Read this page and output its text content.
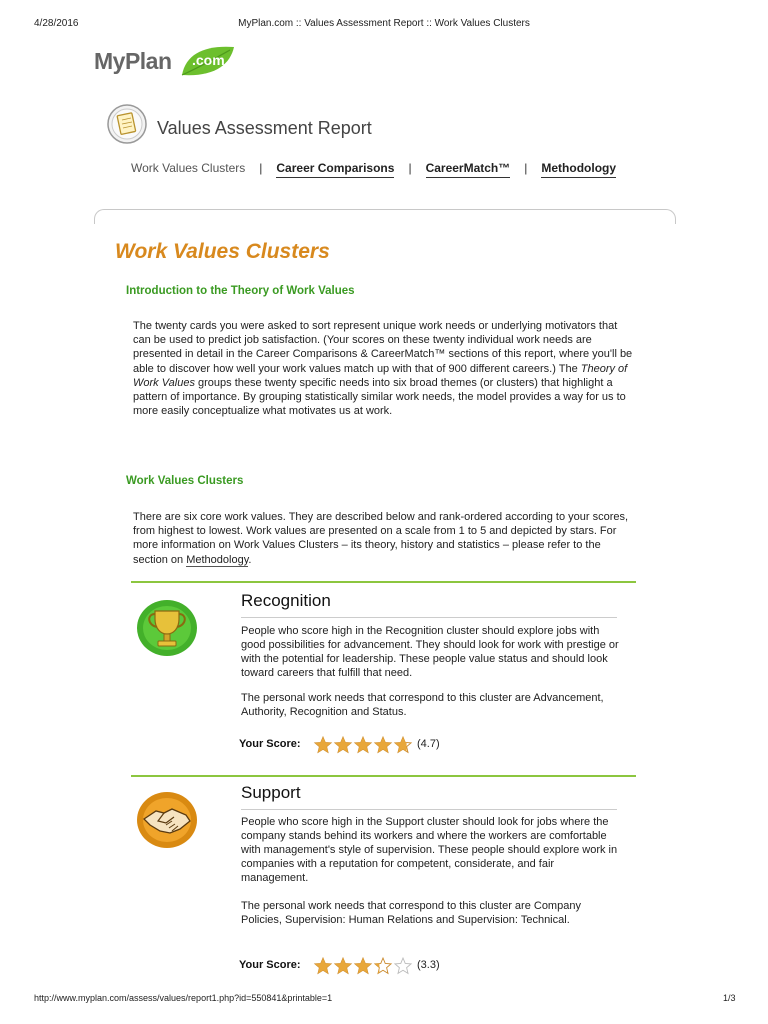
4/28/2016	MyPlan.com :: Values Assessment Report :: Work Values Clusters
MyPlan .com
Values Assessment Report
Work Values Clusters | Career Comparisons | CareerMatch™ | Methodology
Work Values Clusters
Introduction to the Theory of Work Values
The twenty cards you were asked to sort represent unique work needs or underlying motivators that can be used to predict job satisfaction. (Your scores on these twenty individual work needs are presented in detail in the Career Comparisons & CareerMatch™ sections of this report, where you'll be able to discover how well your work values match up with that of 900 different careers.) The Theory of Work Values groups these twenty specific needs into six broad themes (or clusters) that highlight a pattern of importance. By grouping statistically similar work needs, the model provides a way for us to more easily conceptualize what motivates us at work.
Work Values Clusters
There are six core work values. They are described below and rank-ordered according to your scores, from highest to lowest. Work values are presented on a scale from 1 to 5 and depicted by stars. For more information on Work Values Clusters – its theory, history and statistics – please refer to the section on Methodology.
Recognition
People who score high in the Recognition cluster should explore jobs with good possibilities for advancement. They should look for work with prestige or with the potential for leadership. These people value status and should look toward careers that fulfill that need.
The personal work needs that correspond to this cluster are Advancement, Authority, Recognition and Status.
Your Score:	(4.7)
Support
People who score high in the Support cluster should look for jobs where the company stands behind its workers and where the workers are comfortable with management's style of supervision. These people should explore work in companies with a reputation for competent, considerate, and fair management.
The personal work needs that correspond to this cluster are Company Policies, Supervision: Human Relations and Supervision: Technical.
Your Score:	(3.3)
http://www.myplan.com/assess/values/report1.php?id=550841&printable=1	1/3
